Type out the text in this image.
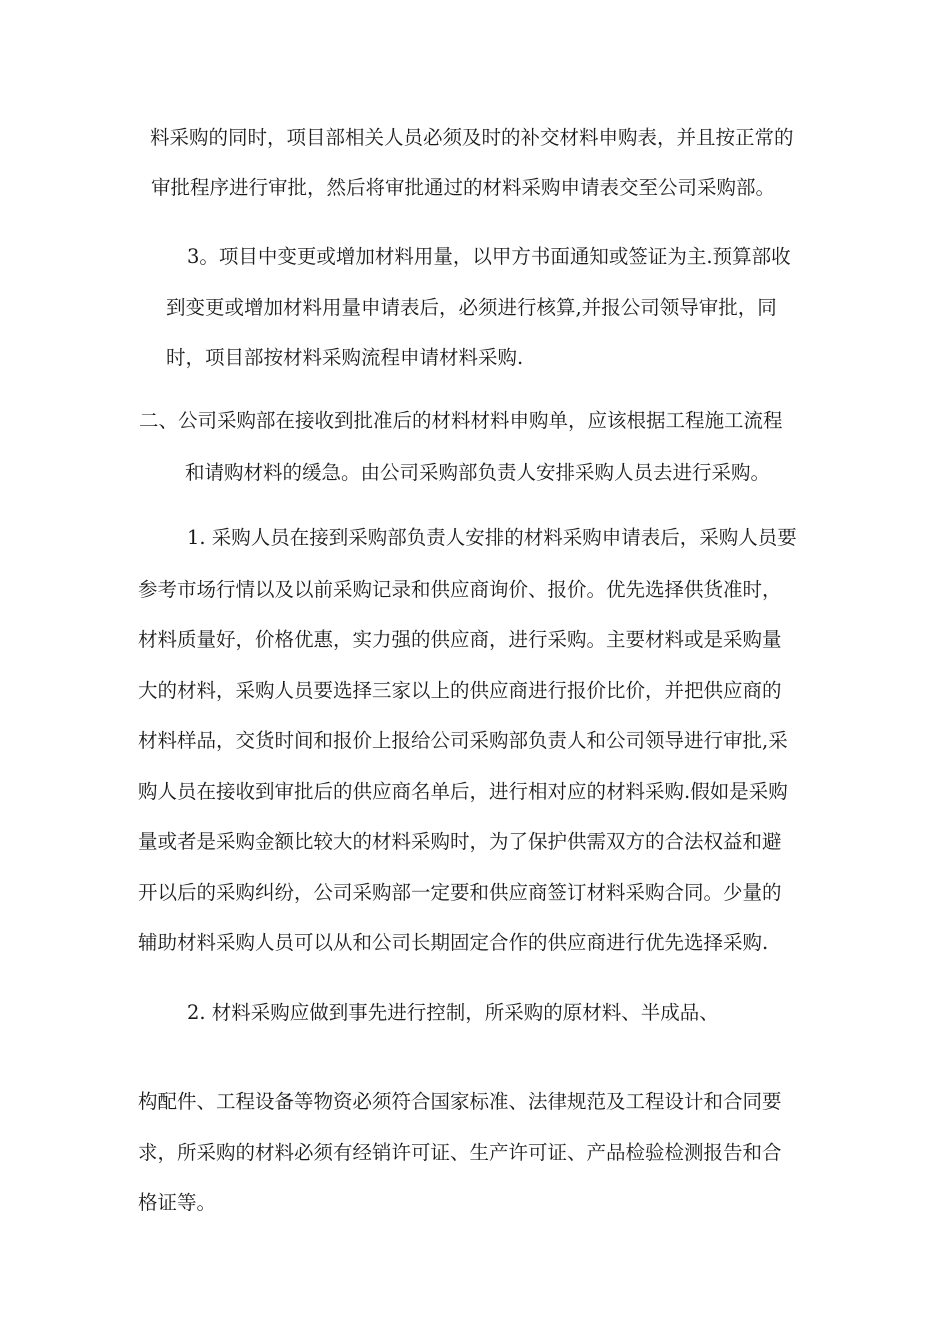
料采购的同时，项目部相关人员必须及时的补交材料申购表，并且按正常的
审批程序进行审批，然后将审批通过的材料采购申请表交至公司采购部。
3。项目中变更或增加材料用量，以甲方书面通知或签证为主.预算部收
到变更或增加材料用量申请表后，必须进行核算,并报公司领导审批，同
时，项目部按材料采购流程申请材料采购.
二、公司采购部在接收到批准后的材料材料申购单，应该根据工程施工流程
和请购材料的缓急。由公司采购部负责人安排采购人员去进行采购。
1. 采购人员在接到采购部负责人安排的材料采购申请表后，采购人员要
参考市场行情以及以前采购记录和供应商询价、报价。优先选择供货准时，
材料质量好，价格优惠，实力强的供应商，进行采购。主要材料或是采购量
大的材料，采购人员要选择三家以上的供应商进行报价比价，并把供应商的
材料样品，交货时间和报价上报给公司采购部负责人和公司领导进行审批,采
购人员在接收到审批后的供应商名单后，进行相对应的材料采购.假如是采购
量或者是采购金额比较大的材料采购时，为了保护供需双方的合法权益和避
开以后的采购纠纷，公司采购部一定要和供应商签订材料采购合同。少量的
辅助材料采购人员可以从和公司长期固定合作的供应商进行优先选择采购.
2. 材料采购应做到事先进行控制，所采购的原材料、半成品、
构配件、工程设备等物资必须符合国家标准、法律规范及工程设计和合同要
求，所采购的材料必须有经销许可证、生产许可证、产品检验检测报告和合
格证等。
